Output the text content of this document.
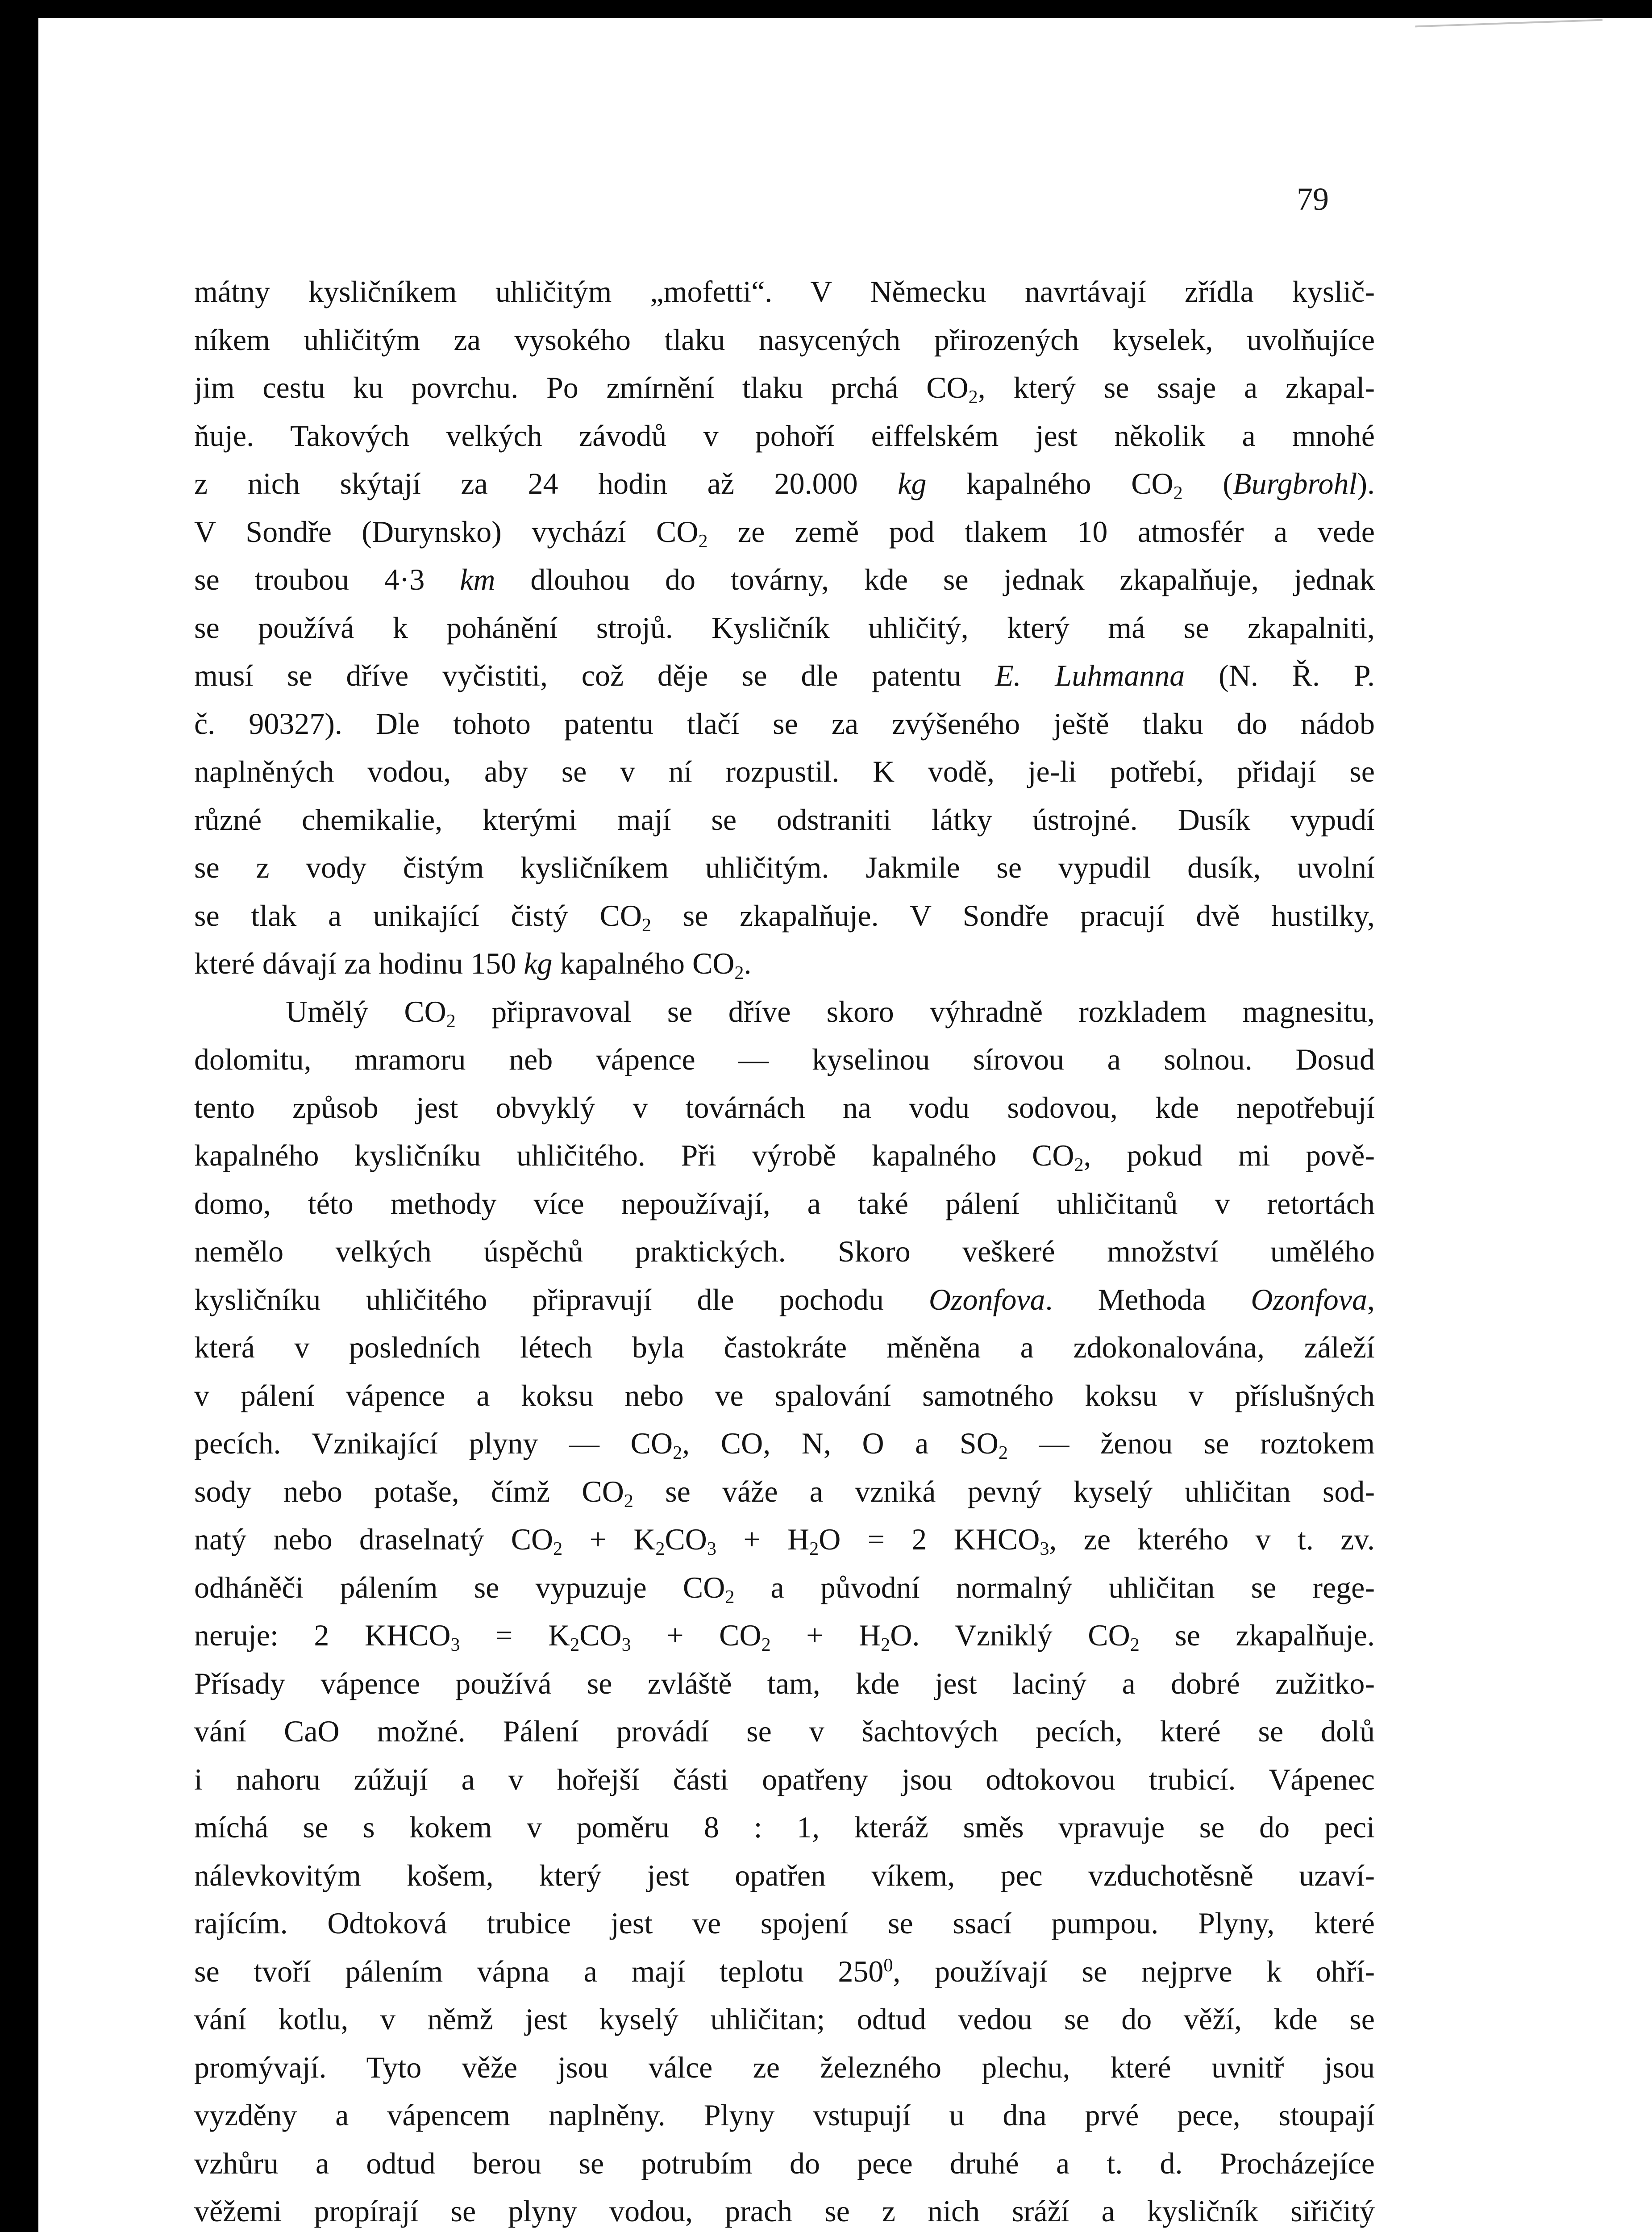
79
mátny kysličníkem uhličitým „mofetti“. V Německu navrtávají zřídla kyslič-
níkem uhličitým za vysokého tlaku nasycených přirozených kyselek, uvolňujíce
jim cestu ku povrchu. Po zmírnění tlaku prchá $CO_2$, který se ssaje a zkapal-
ňuje. Takových velkých závodů v pohoří eiffelském jest několik a mnohé
z nich skýtají za 24 hodin až 20.000 kg kapalného $CO_2$ (Burgbrohl).
V Sondře (Durynsko) vychází $CO_2$ ze země pod tlakem 10 atmosfér a vede
se troubou 4·3 km dlouhou do továrny, kde se jednak zkapalňuje, jednak
se používá k pohánění strojů. Kysličník uhličitý, který má se zkapalniti,
musí se dříve vyčistiti, což děje se dle patentu E. Luhmanna (N. Ř. P.
č. 90327). Dle tohoto patentu tlačí se za zvýšeného ještě tlaku do nádob
naplněných vodou, aby se v ní rozpustil. K vodě, je-li potřebí, přidají se
různé chemikalie, kterými mají se odstraniti látky ústrojné. Dusík vypudí
se z vody čistým kysličníkem uhličitým. Jakmile se vypudil dusík, uvolní
se tlak a unikající čistý $CO_2$ se zkapalňuje. V Sondře pracují dvě hustilky,
které dávají za hodinu 150 kg kapalného $CO_2$.
Umělý $CO_2$ připravoval se dříve skoro výhradně rozkladem magnesitu,
dolomitu, mramoru neb vápence — kyselinou sírovou a solnou. Dosud
tento způsob jest obvyklý v továrnách na vodu sodovou, kde nepotřebují
kapalného kysličníku uhličitého. Při výrobě kapalného $CO_2$, pokud mi pově-
domo, této methody více nepoužívají, a také pálení uhličitanů v retortách
nemělo velkých úspěchů praktických. Skoro veškeré množství umělého
kysličníku uhličitého připravují dle pochodu Ozonfova. Methoda Ozonfova,
která v posledních létech byla častokráte měněna a zdokonalována, záleží
v pálení vápence a koksu nebo ve spalování samotného koksu v příslušných
pecích. Vznikající plyny — $CO_2$, CO, N, O a $SO_2$ — ženou se roztokem
sody nebo potaše, čímž $CO_2$ se váže a vzniká pevný kyselý uhličitan sod-
natý nebo draselnatý $CO_2 + K_2CO_3 + H_2O = 2$ $KHCO_3$, ze kterého v t. zv.
odháněči pálením se vypuzuje $CO_2$ a původní normalný uhličitan se rege-
neruje: 2 $KHCO_3 = K_2CO_3 + CO_2 + H_2O$. Vzniklý $CO_2$ se zkapalňuje.
Přísady vápence používá se zvláště tam, kde jest laciný a dobré zužitko-
vání CaO možné. Pálení provádí se v šachtových pecích, které se dolů
i nahoru zúžují a v hořejší části opatřeny jsou odtokovou trubicí. Vápenec
míchá se s kokem v poměru 8 : 1, kteráž směs vpravuje se do peci
nálevkovitým košem, který jest opatřen víkem, pec vzduchotěsně uzaví-
rajícím. Odtoková trubice jest ve spojení se ssací pumpou. Plyny, které
se tvoří pálením vápna a mají teplotu $250^0$, používají se nejprve k ohří-
vání kotlu, v němž jest kyselý uhličitan; odtud vedou se do věží, kde se
promývají. Tyto věže jsou válce ze železného plechu, které uvnitř jsou
vyzděny a vápencem naplněny. Plyny vstupují u dna prvé pece, stoupají
vzhůru a odtud berou se potrubím do pece druhé a t. d. Procházejíce
věžemi propírají se plyny vodou, prach se z nich sráží a kysličník siřičitý
